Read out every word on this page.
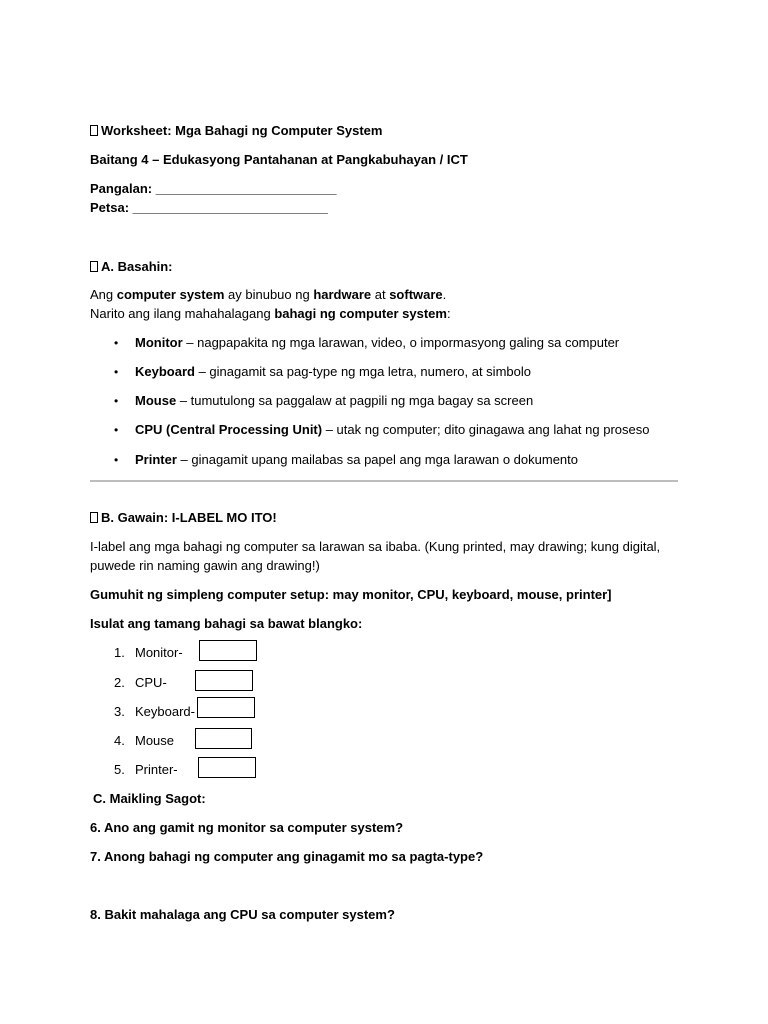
Worksheet: Mga Bahagi ng Computer System
Baitang 4 – Edukasyong Pantahanan at Pangkabuhayan / ICT
Pangalan: _________________________
Petsa: ___________________________
A. Basahin:
Ang computer system ay binubuo ng hardware at software.
Narito ang ilang mahahalagang bahagi ng computer system:
• Monitor – nagpapakita ng mga larawan, video, o impormasyong galing sa computer
• Keyboard – ginagamit sa pag-type ng mga letra, numero, at simbolo
• Mouse – tumutulong sa paggalaw at pagpili ng mga bagay sa screen
• CPU (Central Processing Unit) – utak ng computer; dito ginagawa ang lahat ng proseso
• Printer – ginagamit upang mailabas sa papel ang mga larawan o dokumento
B. Gawain: I-LABEL MO ITO!
I-label ang mga bahagi ng computer sa larawan sa ibaba. (Kung printed, may drawing; kung digital,
puwede rin naming gawin ang drawing!)
Gumuhit ng simpleng computer setup: may monitor, CPU, keyboard, mouse, printer]
Isulat ang tamang bahagi sa bawat blangko:
1. Monitor-
2. CPU-
3. Keyboard-
4. Mouse
5. Printer-
C. Maikling Sagot:
6. Ano ang gamit ng monitor sa computer system?
7. Anong bahagi ng computer ang ginagamit mo sa pagta-type?
8. Bakit mahalaga ang CPU sa computer system?
